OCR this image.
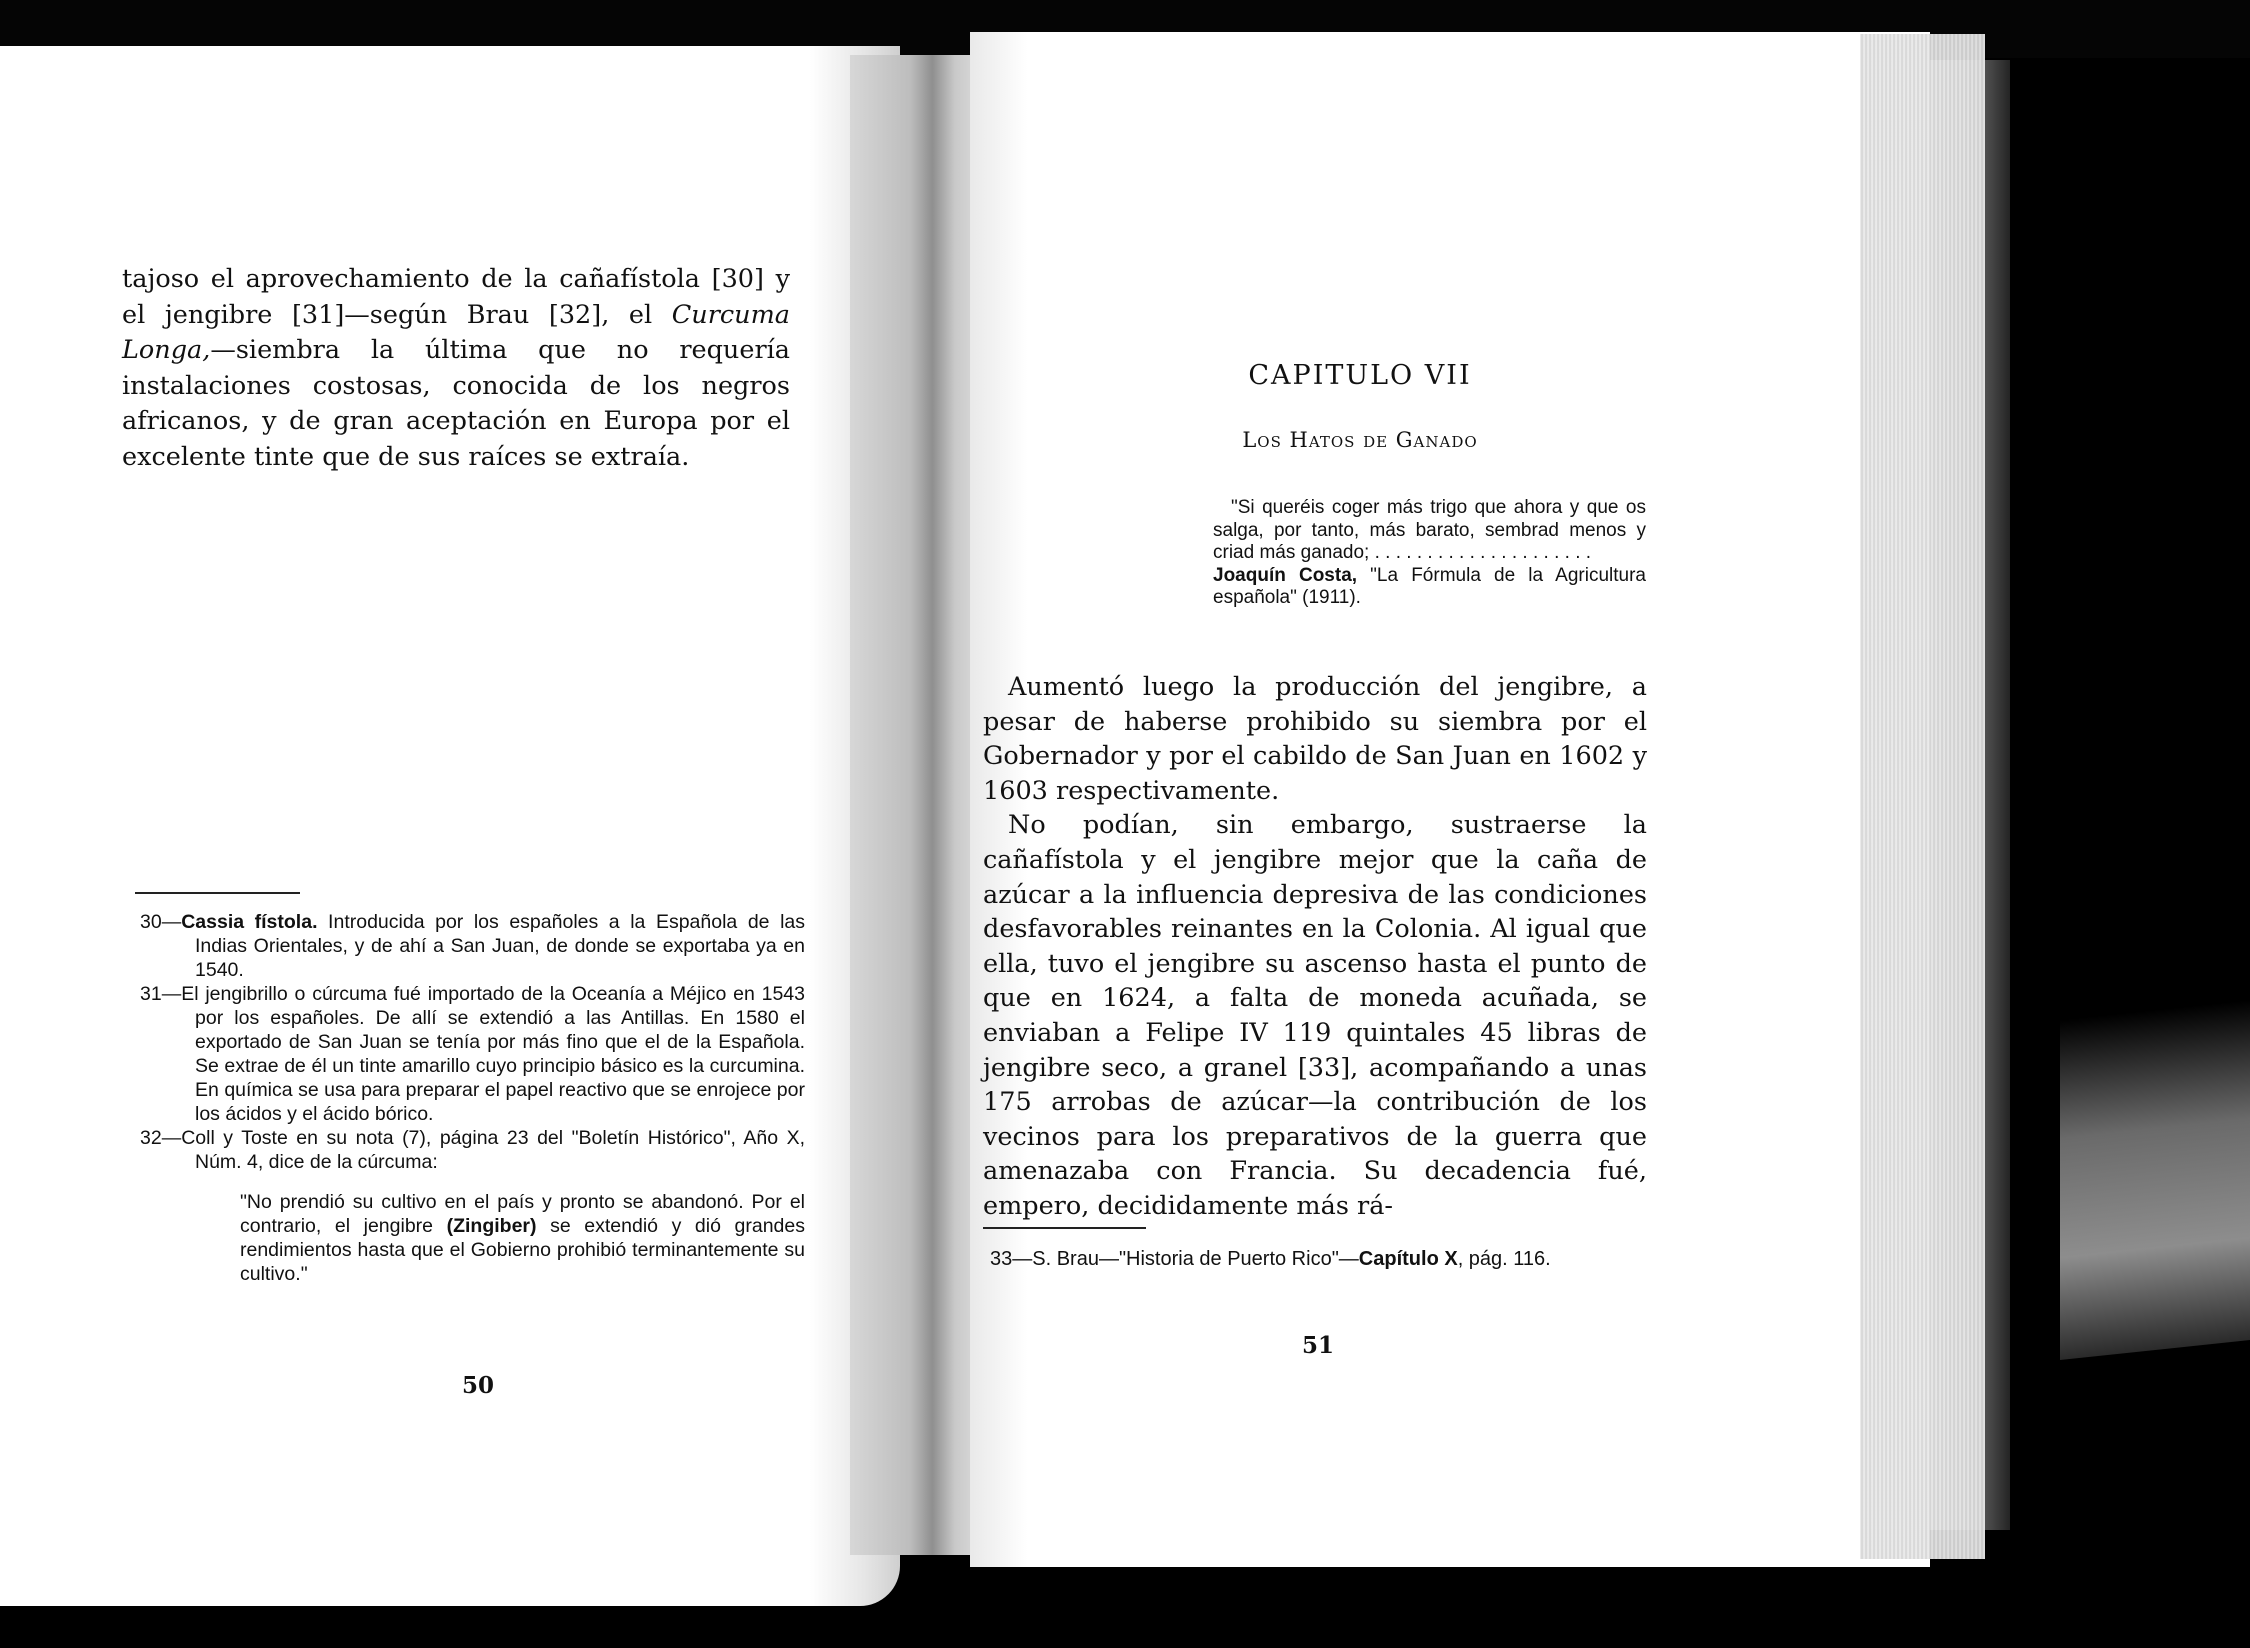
tajoso el aprovechamiento de la cañafístola [30] y el jengibre [31]—según Brau [32], el Curcuma Longa,—siembra la última que no requería instalaciones costosas, conocida de los negros africanos, y de gran aceptación en Europa por el excelente tinte que de sus raíces se extraía.

30—Cassia fístola. Introducida por los españoles a la Española de las Indias Orientales, y de ahí a San Juan, de donde se exportaba ya en 1540.

31—El jengibrillo o cúrcuma fué importado de la Oceanía a Méjico en 1543 por los españoles. De allí se extendió a las Antillas. En 1580 el exportado de San Juan se tenía por más fino que el de la Española. Se extrae de él un tinte amarillo cuyo principio básico es la curcumina. En química se usa para preparar el papel reactivo que se enrojece por los ácidos y el ácido bórico.

32—Coll y Toste en su nota (7), página 23 del "Boletín Histórico", Año X, Núm. 4, dice de la cúrcuma:

"No prendió su cultivo en el país y pronto se abandonó. Por el contrario, el jengibre (Zingiber) se extendió y dió grandes rendimientos hasta que el Gobierno prohibió terminantemente su cultivo."

50
CAPITULO VII
Los Hatos de Ganado

"Si queréis coger más trigo que ahora y que os salga, por tanto, más barato, sembrad menos y criad más ganado; . . . . . . . . . . . . . . . . . . . . .

Joaquín Costa, "La Fórmula de la Agricultura española" (1911).

Aumentó luego la producción del jengibre, a pesar de haberse prohibido su siembra por el Gobernador y por el cabildo de San Juan en 1602 y 1603 respectivamente.

No podían, sin embargo, sustraerse la cañafístola y el jengibre mejor que la caña de azúcar a la influencia depresiva de las condiciones desfavorables reinantes en la Colonia. Al igual que ella, tuvo el jengibre su ascenso hasta el punto de que en 1624, a falta de moneda acuñada, se enviaban a Felipe IV 119 quintales 45 libras de jengibre seco, a granel [33], acompañando a unas 175 arrobas de azúcar—la contribución de los vecinos para los preparativos de la guerra que amenazaba con Francia. Su decadencia fué, empero, decididamente más rá-

33—S. Brau—"Historia de Puerto Rico"—Capítulo X, pág. 116.

51
